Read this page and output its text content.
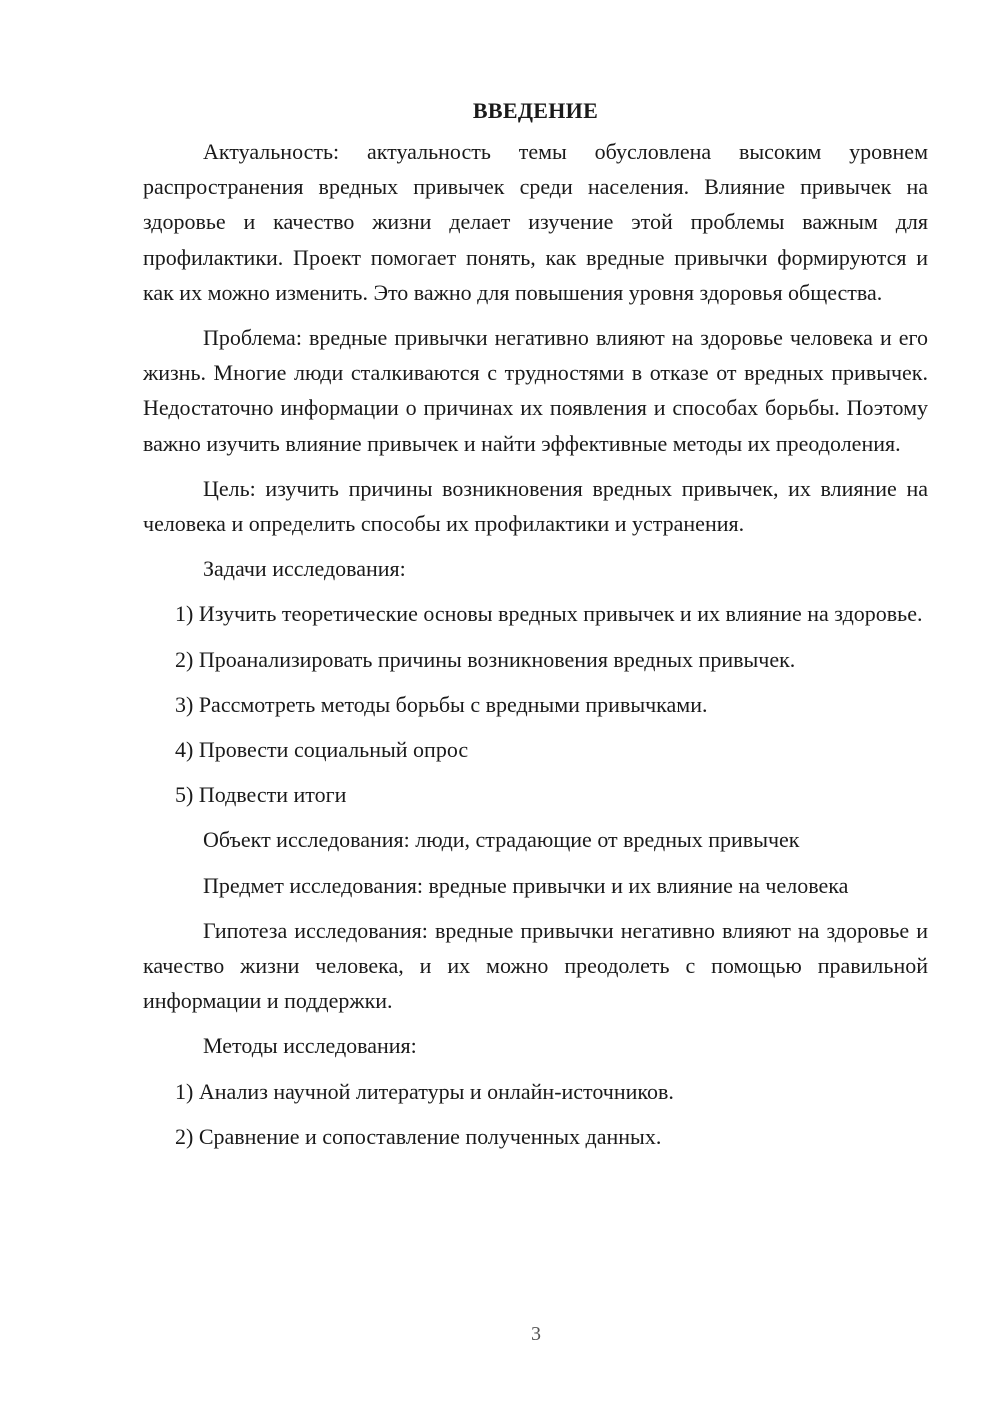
ВВЕДЕНИЕ

Актуальность: актуальность темы обусловлена высоким уровнем распространения вредных привычек среди населения. Влияние привычек на здоровье и качество жизни делает изучение этой проблемы важным для профилактики. Проект помогает понять, как вредные привычки формируются и как их можно изменить. Это важно для повышения уровня здоровья общества.

Проблема: вредные привычки негативно влияют на здоровье человека и его жизнь. Многие люди сталкиваются с трудностями в отказе от вредных привычек. Недостаточно информации о причинах их появления и способах борьбы. Поэтому важно изучить влияние привычек и найти эффективные методы их преодоления.

Цель: изучить причины возникновения вредных привычек, их влияние на человека и определить способы их профилактики и устранения.

Задачи исследования:

1) Изучить теоретические основы вредных привычек и их влияние на здоровье.

2) Проанализировать причины возникновения вредных привычек.

3) Рассмотреть методы борьбы с вредными привычками.

4) Провести социальный опрос

5) Подвести итоги

Объект исследования: люди, страдающие от вредных привычек

Предмет исследования: вредные привычки и их влияние на человека

Гипотеза исследования: вредные привычки негативно влияют на здоровье и качество жизни человека, и их можно преодолеть с помощью правильной информации и поддержки.

Методы исследования:

1) Анализ научной литературы и онлайн-источников.

2) Сравнение и сопоставление полученных данных.

3
